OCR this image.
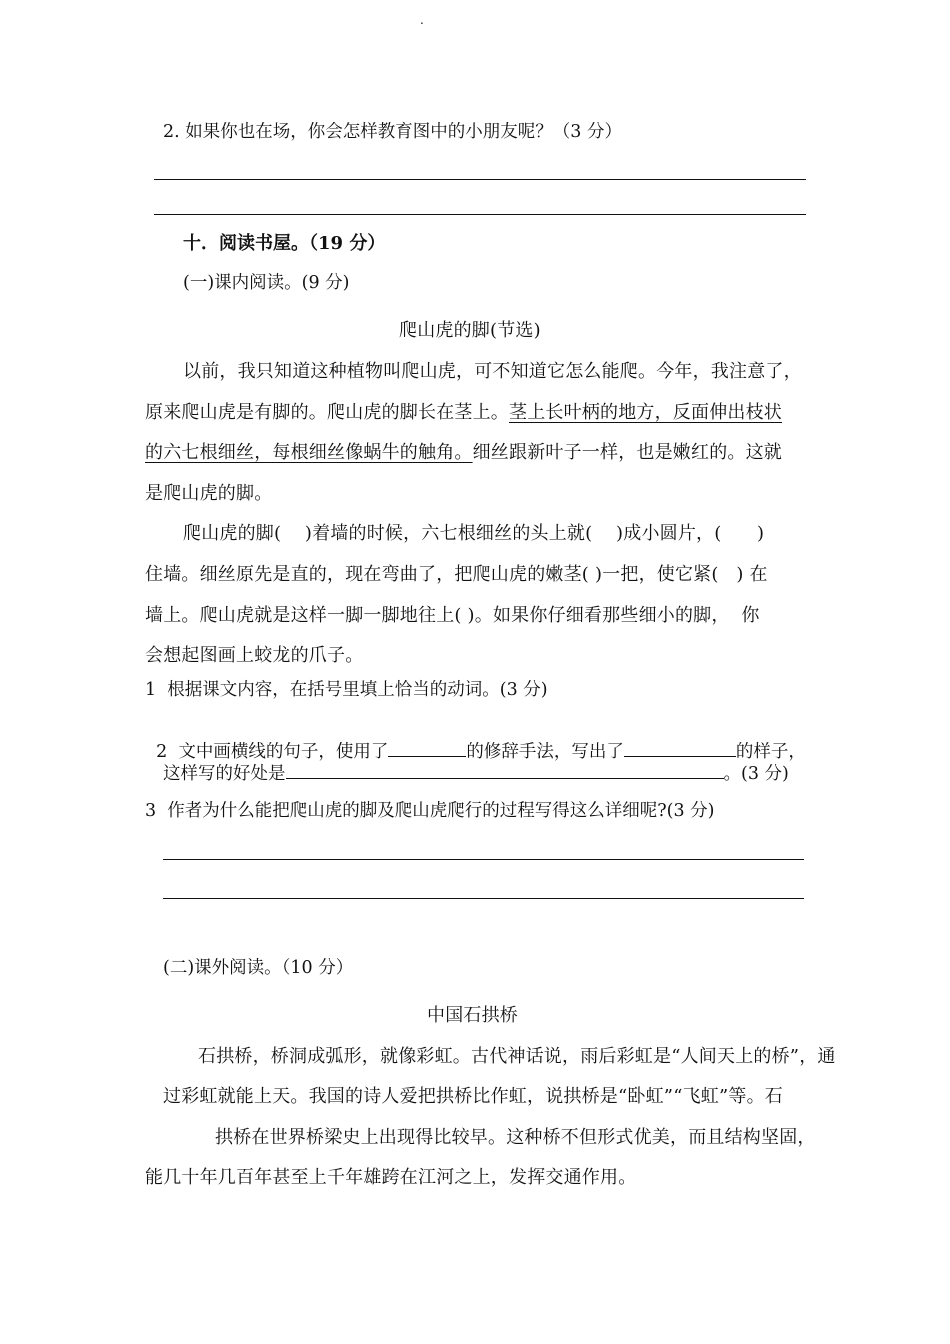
.
2. 如果你也在场，你会怎样教育图中的小朋友呢？（3 分）
十．阅读书屋。（19 分）
(一)课内阅读。(9 分)
爬山虎的脚(节选)
以前，我只知道这种植物叫爬山虎，可不知道它怎么能爬。今年，我注意了，
原来爬山虎是有脚的。爬山虎的脚长在茎上。茎上长叶柄的地方，反面伸出枝状
的六七根细丝，每根细丝像蜗牛的触角。细丝跟新叶子一样，也是嫩红的。这就
是爬山虎的脚。
爬山虎的脚(    )着墙的时候，六七根细丝的头上就(    )成小圆片，(      )
住墙。细丝原先是直的，现在弯曲了，把爬山虎的嫩茎( )一把，使它紧(   ) 在
墙上。爬山虎就是这样一脚一脚地往上( )。如果你仔细看那些细小的脚，  你
会想起图画上蛟龙的爪子。
1  根据课文内容，在括号里填上恰当的动词。(3 分)

2  文中画横线的句子，使用了	的修辞手法，写出了	的样子，

这样写的好处是	。(3 分)
3  作者为什么能把爬山虎的脚及爬山虎爬行的过程写得这么详细呢?(3 分)
(二)课外阅读。（10 分）
中国石拱桥
石拱桥，桥洞成弧形，就像彩虹。古代神话说，雨后彩虹是“人间天上的桥”，通
过彩虹就能上天。我国的诗人爱把拱桥比作虹，说拱桥是“卧虹”“飞虹”等。石
拱桥在世界桥梁史上出现得比较早。这种桥不但形式优美，而且结构坚固，
能几十年几百年甚至上千年雄跨在江河之上，发挥交通作用。
